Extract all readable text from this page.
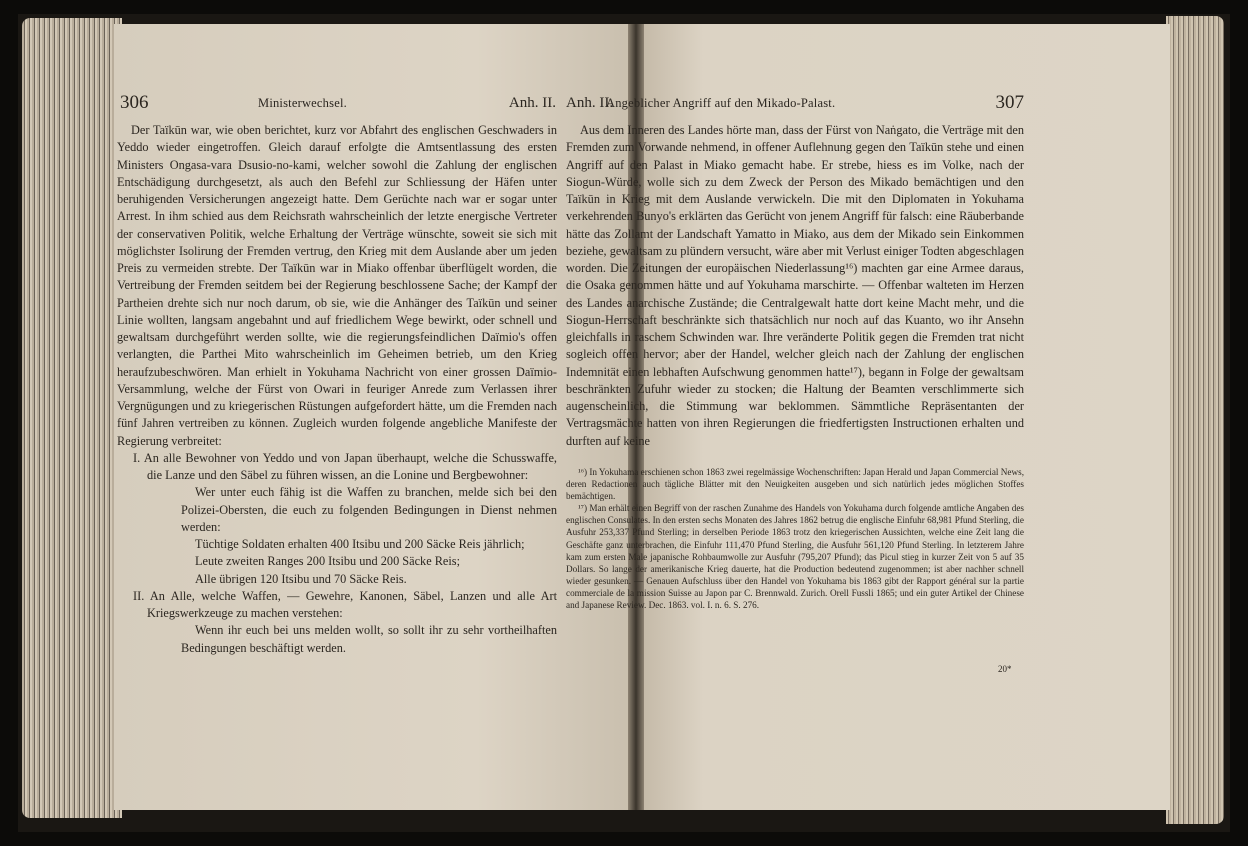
306	Ministerwechsel.	Anh. II.

Der Taïkūn war, wie oben berichtet, kurz vor Abfahrt des englischen Geschwaders in Yeddo wieder eingetroffen. Gleich darauf erfolgte die Amtsentlassung des ersten Ministers Ongasa-vara Dsusio-no-kami, welcher sowohl die Zahlung der englischen Entschädigung durchgesetzt, als auch den Befehl zur Schliessung der Häfen unter beruhigenden Versicherungen angezeigt hatte. Dem Gerüchte nach war er sogar unter Arrest. In ihm schied aus dem Reichsrath wahrscheinlich der letzte energische Vertreter der conservativen Politik, welche Erhaltung der Verträge wünschte, soweit sie sich mit möglichster Isolirung der Fremden vertrug, den Krieg mit dem Auslande aber um jeden Preis zu vermeiden strebte. Der Taïkūn war in Miako offenbar überflügelt worden, die Vertreibung der Fremden seitdem bei der Regierung beschlossene Sache; der Kampf der Partheien drehte sich nur noch darum, ob sie, wie die Anhänger des Taïkūn und seiner Linie wollten, langsam angebahnt und auf friedlichem Wege bewirkt, oder schnell und gewaltsam durchgeführt werden sollte, wie die regierungsfeindlichen Daïmio's offen verlangten, die Parthei Mito wahrscheinlich im Geheimen betrieb, um den Krieg heraufzubeschwören. Man erhielt in Yokuhama Nachricht von einer grossen Daïmio-Versammlung, welche der Fürst von Owari in feuriger Anrede zum Verlassen ihrer Vergnügungen und zu kriegerischen Rüstungen aufgefordert hätte, um die Fremden nach fünf Jahren vertreiben zu können. Zugleich wurden folgende angebliche Manifeste der Regierung verbreitet:

I. An alle Bewohner von Yeddo und von Japan überhaupt, welche die Schusswaffe, die Lanze und den Säbel zu führen wissen, an die Lonine und Bergbewohner:
Wer unter euch fähig ist die Waffen zu branchen, melde sich bei den Polizei-Obersten, die euch zu folgenden Bedingungen in Dienst nehmen werden:
Tüchtige Soldaten erhalten 400 Itsibu und 200 Säcke Reis jährlich;
Leute zweiten Ranges 200 Itsibu und 200 Säcke Reis;
Alle übrigen 120 Itsibu und 70 Säcke Reis.
II. An Alle, welche Waffen, — Gewehre, Kanonen, Säbel, Lanzen und alle Art Kriegswerkzeuge zu machen verstehen:
Wenn ihr euch bei uns melden wollt, so sollt ihr zu sehr vortheilhaften Bedingungen beschäftigt werden.
Anh. II.
Angeblicher Angriff auf den Mikado-Palast.	307

Aus dem Inneren des Landes hörte man, dass der Fürst von Naṅgato, die Verträge mit den Fremden zum Vorwande nehmend, in offener Auflehnung gegen den Taïkūn stehe und einen Angriff auf den Palast in Miako gemacht habe. Er strebe, hiess es im Volke, nach der Siogun-Würde, wolle sich zu dem Zweck der Person des Mikado bemächtigen und den Taïkūn in Krieg mit dem Auslande verwickeln. Die mit den Diplomaten in Yokuhama verkehrenden Bunyo's erklärten das Gerücht von jenem Angriff für falsch: eine Räuberbande hätte das Zollamt der Landschaft Yamatto in Miako, aus dem der Mikado sein Einkommen beziehe, gewaltsam zu plündern versucht, wäre aber mit Verlust einiger Todten abgeschlagen worden. Die Zeitungen der europäischen Niederlassung¹⁶) machten gar eine Armee daraus, die Osaka genommen hätte und auf Yokuhama marschirte. — Offenbar walteten im Herzen des Landes anarchische Zustände; die Centralgewalt hatte dort keine Macht mehr, und die Siogun-Herrschaft beschränkte sich thatsächlich nur noch auf das Kuanto, wo ihr Ansehn gleichfalls in raschem Schwinden war. Ihre veränderte Politik gegen die Fremden trat nicht sogleich offen hervor; aber der Handel, welcher gleich nach der Zahlung der englischen Indemnität einen lebhaften Aufschwung genommen hatte¹⁷), begann in Folge der gewaltsam beschränkten Zufuhr wieder zu stocken; die Haltung der Beamten verschlimmerte sich augenscheinlich, die Stimmung war beklommen. Sämmtliche Repräsentanten der Vertragsmächte hatten von ihren Regierungen die friedfertigsten Instructionen erhalten und durften auf keine

¹⁶) In Yokuhama erschienen schon 1863 zwei regelmässige Wochenschriften: Japan Herald und Japan Commercial News, deren Redactionen auch tägliche Blätter mit den Neuigkeiten ausgeben und sich natürlich jedes möglichen Stoffes bemächtigen.

¹⁷) Man erhält einen Begriff von der raschen Zunahme des Handels von Yokuhama durch folgende amtliche Angaben des englischen Consulates. In den ersten sechs Monaten des Jahres 1862 betrug die englische Einfuhr 68,981 Pfund Sterling, die Ausfuhr 253,337 Pfund Sterling; in derselben Periode 1863 trotz den kriegerischen Aussichten, welche eine Zeit lang die Geschäfte ganz unterbrachen, die Einfuhr 111,470 Pfund Sterling, die Ausfuhr 561,120 Pfund Sterling. In letzterem Jahre kam zum ersten Male japanische Rohbaumwolle zur Ausfuhr (795,207 Pfund); das Picul stieg in kurzer Zeit von 5 auf 35 Dollars. So lange der amerikanische Krieg dauerte, hat die Production bedeutend zugenommen; ist aber nachher schnell wieder gesunken. — Genauen Aufschluss über den Handel von Yokuhama bis 1863 gibt der Rapport général sur la partie commerciale de la mission Suisse au Japon par C. Brennwald. Zurich. Orell Fussli 1865; und ein guter Artikel der Chinese and Japanese Review. Dec. 1863. vol. I. n. 6. S. 276.

20*
